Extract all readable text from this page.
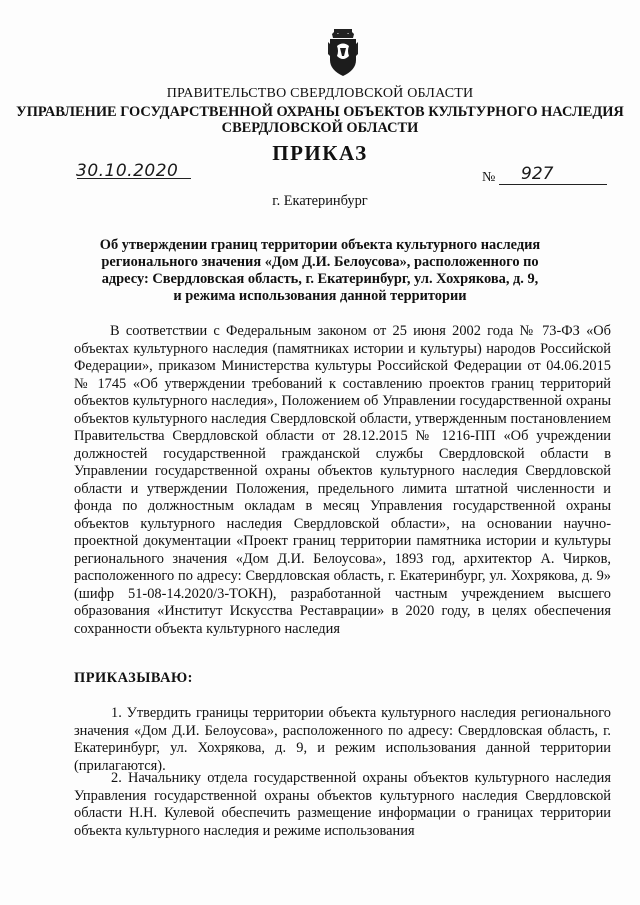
ПРАВИТЕЛЬСТВО СВЕРДЛОВСКОЙ ОБЛАСТИ
УПРАВЛЕНИЕ ГОСУДАРСТВЕННОЙ ОХРАНЫ ОБЪЕКТОВ КУЛЬТУРНОГО НАСЛЕДИЯ
СВЕРДЛОВСКОЙ ОБЛАСТИ
ПРИКАЗ
30.10.2020	№ 927
г. Екатеринбург
Об утверждении границ территории объекта культурного наследия регионального значения «Дом Д.И. Белоусова», расположенного по адресу: Свердловская область, г. Екатеринбург, ул. Хохрякова, д. 9, и режима использования данной территории

В соответствии с Федеральным законом от 25 июня 2002 года № 73-ФЗ «Об объектах культурного наследия (памятниках истории и культуры) народов Российской Федерации», приказом Министерства культуры Российской Федерации от 04.06.2015 № 1745 «Об утверждении требований к составлению проектов границ территорий объектов культурного наследия», Положением об Управлении государственной охраны объектов культурного наследия Свердловской области, утвержденным постановлением Правительства Свердловской области от 28.12.2015 № 1216-ПП «Об учреждении должностей государственной гражданской службы Свердловской области в Управлении государственной охраны объектов культурного наследия Свердловской области и утверждении Положения, предельного лимита штатной численности и фонда по должностным окладам в месяц Управления государственной охраны объектов культурного наследия Свердловской области», на основании научно-проектной документации «Проект границ территории памятника истории и культуры регионального значения «Дом Д.И. Белоусова», 1893 год, архитектор А. Чирков, расположенного по адресу: Свердловская область, г. Екатеринбург, ул. Хохрякова, д. 9» (шифр 51-08-14.2020/3-ТОКН), разработанной частным учреждением высшего образования «Институт Искусства Реставрации» в 2020 году, в целях обеспечения сохранности объекта культурного наследия

ПРИКАЗЫВАЮ:

1. Утвердить границы территории объекта культурного наследия регионального значения «Дом Д.И. Белоусова», расположенного по адресу: Свердловская область, г. Екатеринбург, ул. Хохрякова, д. 9, и режим использования данной территории (прилагаются).

2. Начальнику отдела государственной охраны объектов культурного наследия Управления государственной охраны объектов культурного наследия Свердловской области Н.Н. Кулевой обеспечить размещение информации о границах территории объекта культурного наследия и режиме использования
